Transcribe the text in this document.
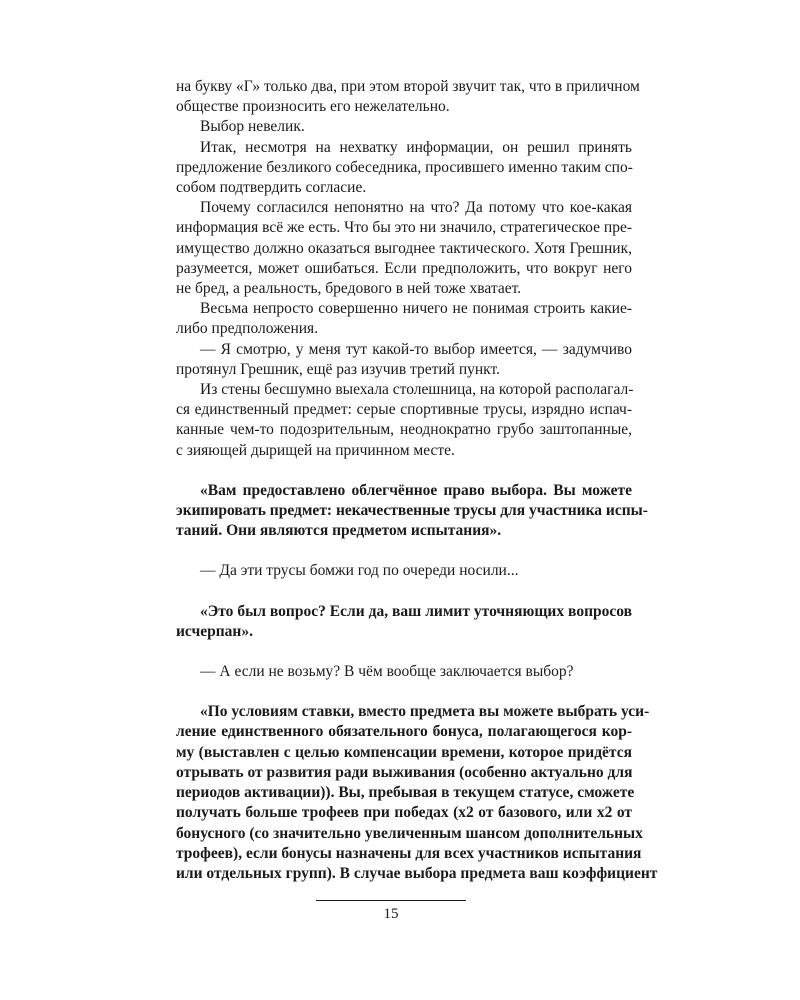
на букву «Г» только два, при этом второй звучит так, что в приличном
обществе произносить его нежелательно.
Выбор невелик.
Итак, несмотря на нехватку информации, он решил принять
предложение безликого собеседника, просившего именно таким спо-
собом подтвердить согласие.
Почему согласился непонятно на что? Да потому что кое-какая
информация всё же есть. Что бы это ни значило, стратегическое пре-
имущество должно оказаться выгоднее тактического. Хотя Грешник,
разумеется, может ошибаться. Если предположить, что вокруг него
не бред, а реальность, бредового в ней тоже хватает.
Весьма непросто совершенно ничего не понимая строить какие-
либо предположения.
— Я смотрю, у меня тут какой-то выбор имеется, — задумчиво
протянул Грешник, ещё раз изучив третий пункт.
Из стены бесшумно выехала столешница, на которой располагал-
ся единственный предмет: серые спортивные трусы, изрядно испач-
канные чем-то подозрительным, неоднократно грубо заштопанные,
с зияющей дырищей на причинном месте.
«Вам предоставлено облегчённое право выбора. Вы можете
экипировать предмет: некачественные трусы для участника испы-
таний. Они являются предметом испытания».
— Да эти трусы бомжи год по очереди носили...
«Это был вопрос? Если да, ваш лимит уточняющих вопросов
исчерпан».
— А если не возьму? В чём вообще заключается выбор?
«По условиям ставки, вместо предмета вы можете выбрать уси-
ление единственного обязательного бонуса, полагающегося кор-
му (выставлен с целью компенсации времени, которое придётся
отрывать от развития ради выживания (особенно актуально для
периодов активации)). Вы, пребывая в текущем статусе, сможете
получать больше трофеев при победах (x2 от базового, или x2 от
бонусного (со значительно увеличенным шансом дополнительных
трофеев), если бонусы назначены для всех участников испытания
или отдельных групп). В случае выбора предмета ваш коэффициент
15
